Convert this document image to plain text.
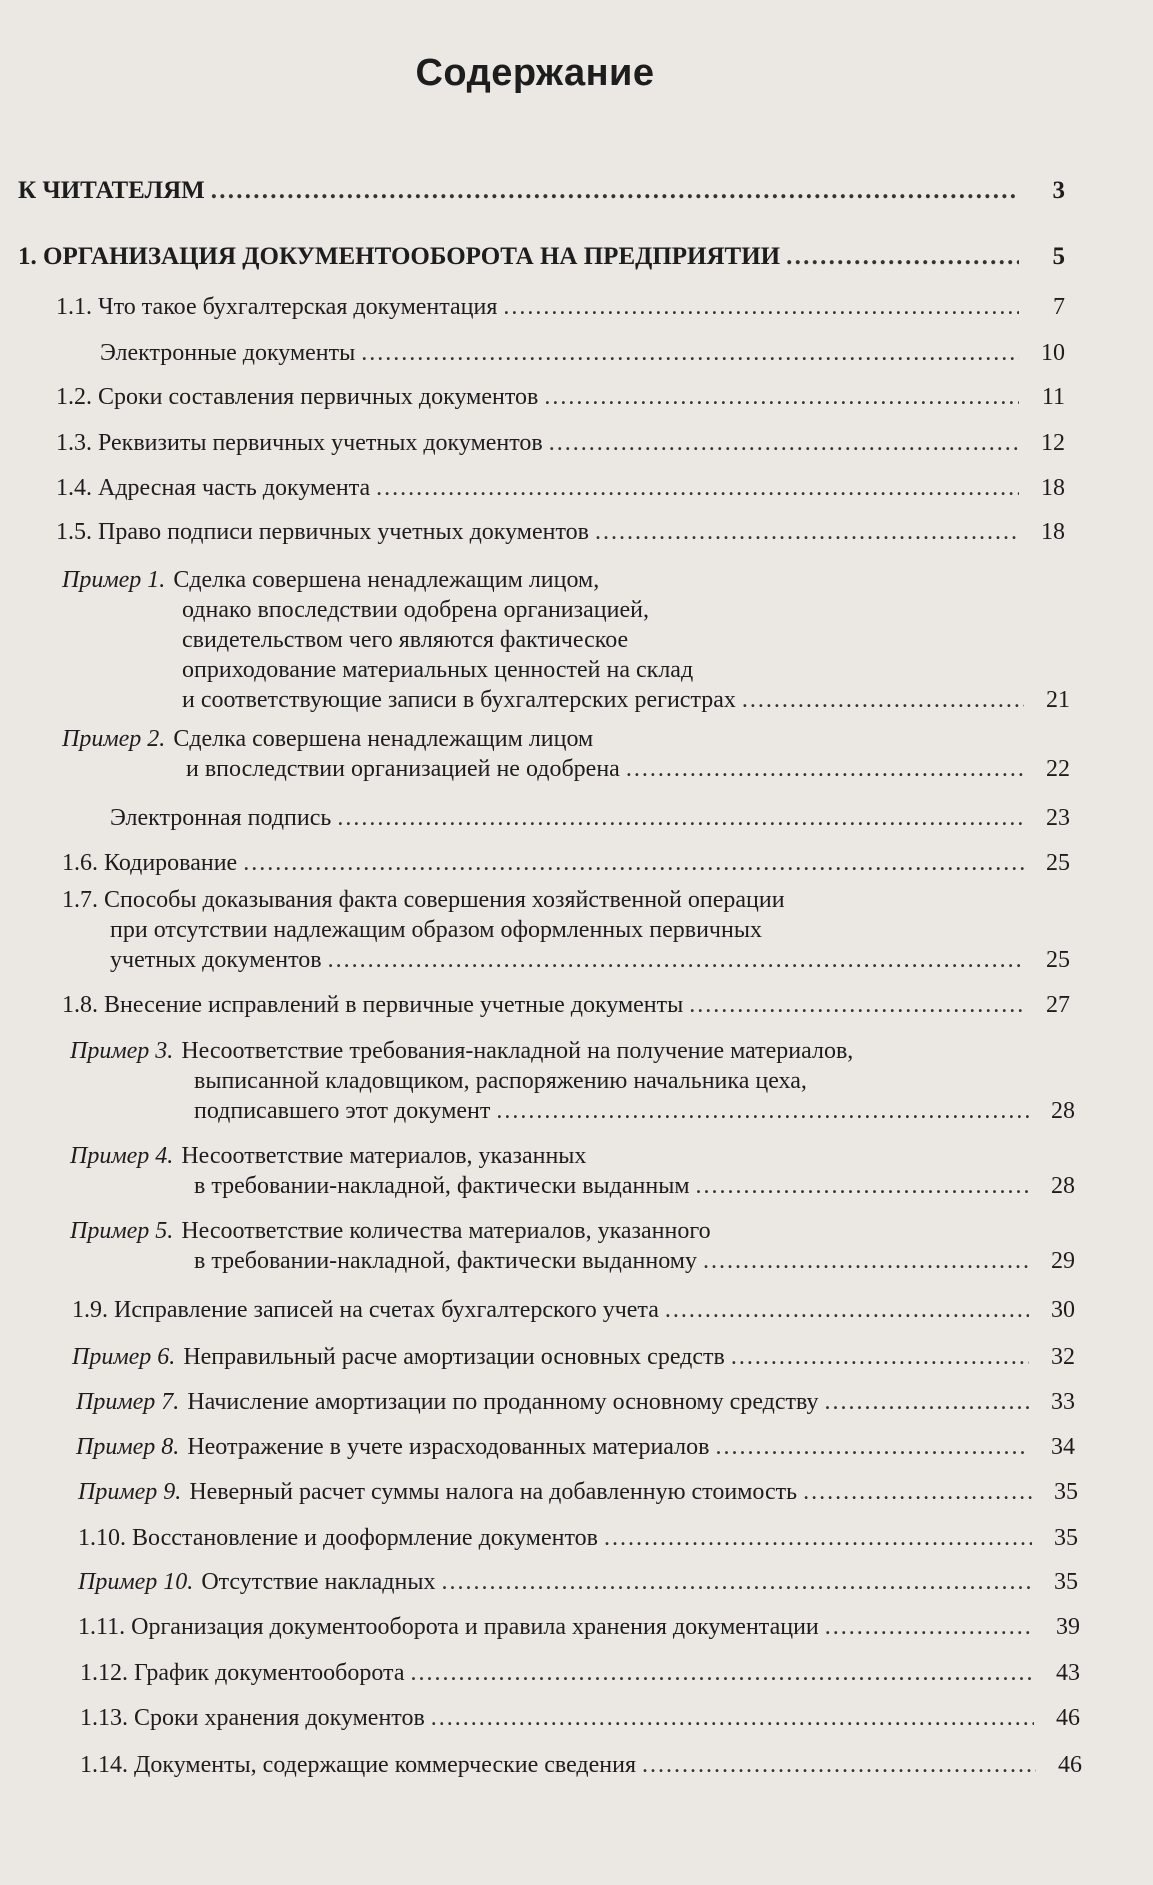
Содержание
К ЧИТАТЕЛЯМ . . .	3
1. ОРГАНИЗАЦИЯ ДОКУМЕНТООБОРОТА НА ПРЕДПРИЯТИИ . . .	5
1.1. Что такое бухгалтерская документация . . .	7
Электронные документы . . .	10
1.2. Сроки составления первичных документов . . .	11
1.3. Реквизиты первичных учетных документов . . .	12
1.4. Адресная часть документа . . .	18
1.5. Право подписи первичных учетных документов . . .	18
Пример 1. Сделка совершена ненадлежащим лицом,
однако впоследствии одобрена организацией,
свидетельством чего являются фактическое
оприходование материальных ценностей на склад
и соответствующие записи в бухгалтерских регистрах . . .	21
Пример 2. Сделка совершена ненадлежащим лицом
и впоследствии организацией не одобрена . . .	22
Электронная подпись . . .	23
1.6. Кодирование . . .	25
1.7. Способы доказывания факта совершения хозяйственной операции
при отсутствии надлежащим образом оформленных первичных
учетных документов . . .	25
1.8. Внесение исправлений в первичные учетные документы . . .	27
Пример 3. Несоответствие требования-накладной на получение материалов,
выписанной кладовщиком, распоряжению начальника цеха,
подписавшего этот документ . . .	28
Пример 4. Несоответствие материалов, указанных
в требовании-накладной, фактически выданным . . .	28
Пример 5. Несоответствие количества материалов, указанного
в требовании-накладной, фактически выданному . . .	29
1.9. Исправление записей на счетах бухгалтерского учета . . .	30
Пример 6. Неправильный расче амортизации основных средств . . .	32
Пример 7. Начисление амортизации по проданному основному средству . . .	33
Пример 8. Неотражение в учете израсходованных материалов . . .	34
Пример 9. Неверный расчет суммы налога на добавленную стоимость . . .	35
1.10. Восстановление и дооформление документов . . .	35
Пример 10. Отсутствие накладных . . .	35
1.11. Организация документооборота и правила хранения документации . . .	39
1.12. График документооборота . . .	43
1.13. Сроки хранения документов . . .	46
1.14. Документы, содержащие коммерческие сведения . . .	46
